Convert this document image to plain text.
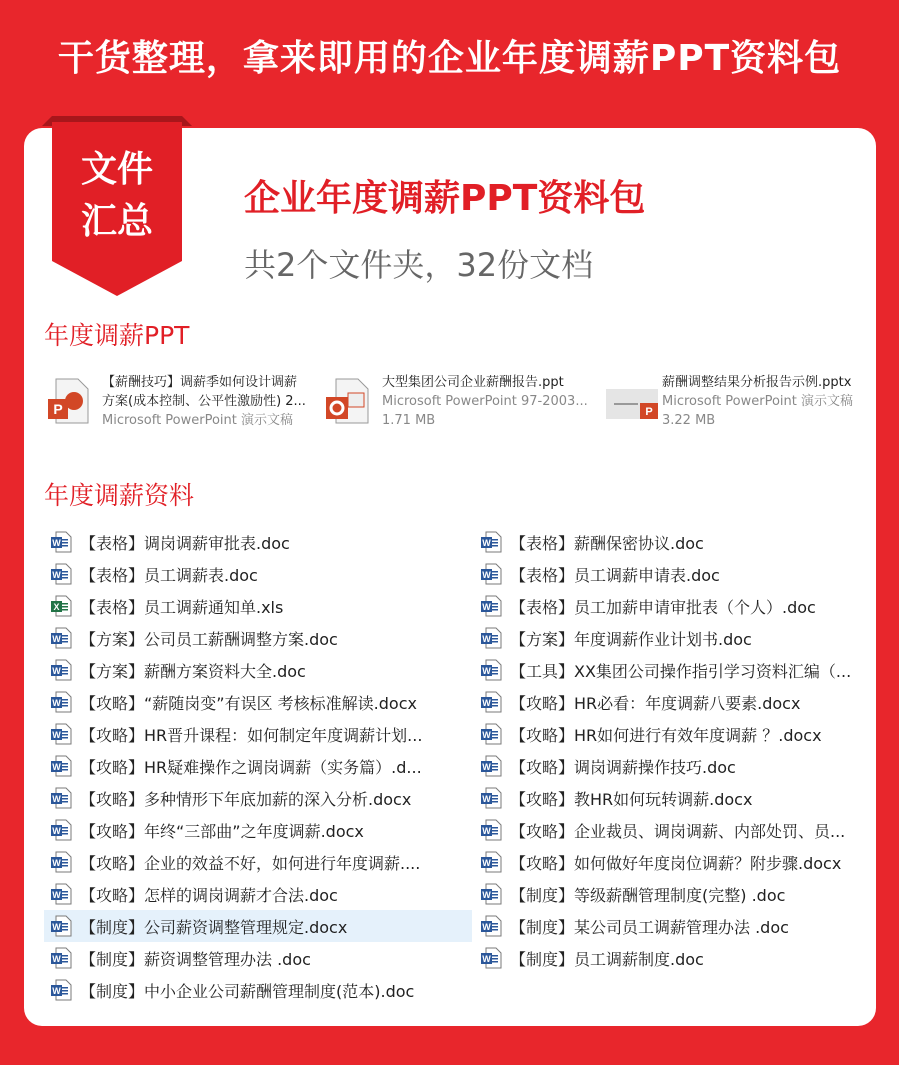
干货整理，拿来即用的企业年度调薪PPT资料包
文件
汇总
企业年度调薪PPT资料包
共2个文件夹，32份文档
年度调薪PPT
P
【薪酬技巧】调薪季如何设计调薪
方案(成本控制、公平性激励性) 2...
Microsoft PowerPoint 演示文稿
大型集团公司企业薪酬报告.ppt
Microsoft PowerPoint 97-2003...
1.71 MB
P
薪酬调整结果分析报告示例.pptx
Microsoft PowerPoint 演示文稿
3.22 MB
年度调薪资料
W 【表格】调岗调薪审批表.doc
W 【表格】员工调薪表.doc
X 【表格】员工调薪通知单.xls
W 【方案】公司员工薪酬调整方案.doc
W 【方案】薪酬方案资料大全.doc
W 【攻略】“薪随岗变”有误区 考核标准解读.docx
W 【攻略】HR晋升课程：如何制定年度调薪计划...
W 【攻略】HR疑难操作之调岗调薪（实务篇）.d...
W 【攻略】多种情形下年底加薪的深入分析.docx
W 【攻略】年终“三部曲”之年度调薪.docx
W 【攻略】企业的效益不好，如何进行年度调薪....
W 【攻略】怎样的调岗调薪才合法.doc
W 【制度】公司薪资调整管理规定.docx
W 【制度】薪资调整管理办法 .doc
W 【制度】中小企业公司薪酬管理制度(范本).doc
W 【表格】薪酬保密协议.doc
W 【表格】员工调薪申请表.doc
W 【表格】员工加薪申请审批表（个人）.doc
W 【方案】年度调薪作业计划书.doc
W 【工具】XX集团公司操作指引学习资料汇编（...
W 【攻略】HR必看：年度调薪八要素.docx
W 【攻略】HR如何进行有效年度调薪 ？.docx
W 【攻略】调岗调薪操作技巧.doc
W 【攻略】教HR如何玩转调薪.docx
W 【攻略】企业裁员、调岗调薪、内部处罚、员...
W 【攻略】如何做好年度岗位调薪？附步骤.docx
W 【制度】等级薪酬管理制度(完整) .doc
W 【制度】某公司员工调薪管理办法 .doc
W 【制度】员工调薪制度.doc
